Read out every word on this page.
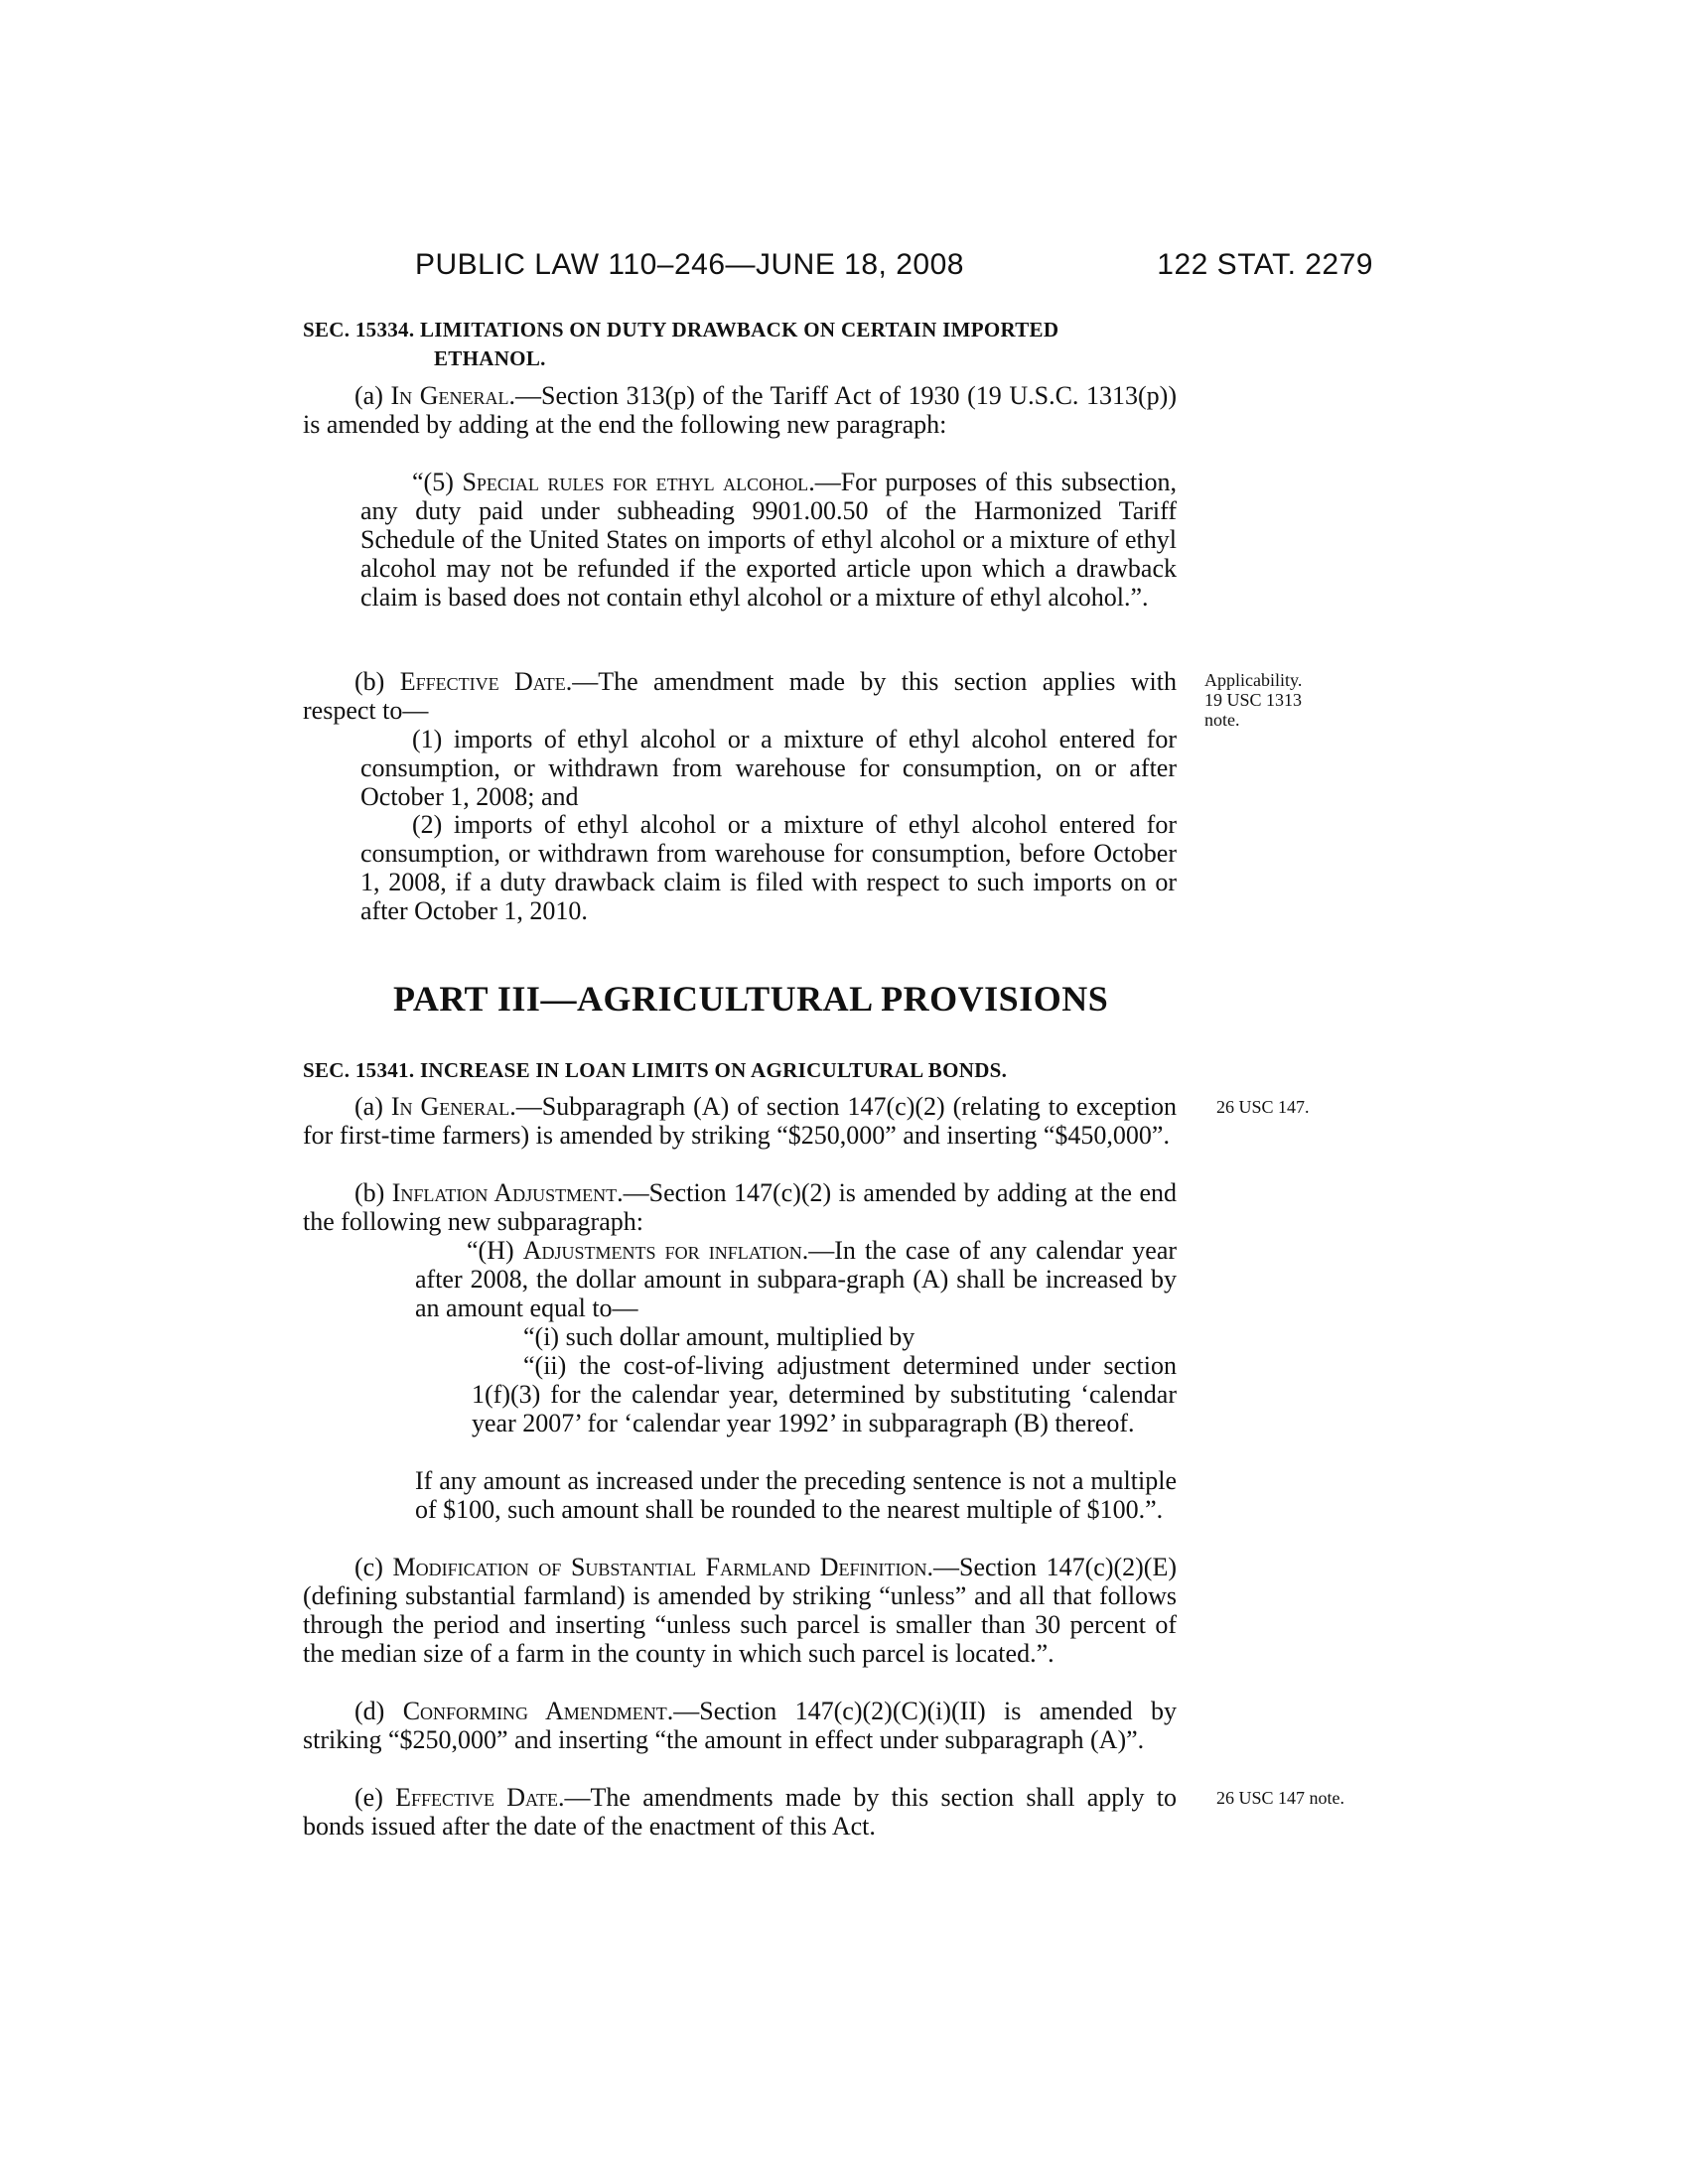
PUBLIC LAW 110–246—JUNE 18, 2008	122 STAT. 2279
SEC. 15334. LIMITATIONS ON DUTY DRAWBACK ON CERTAIN IMPORTED
ETHANOL.

(a) In General.—Section 313(p) of the Tariff Act of 1930 (19 U.S.C. 1313(p)) is amended by adding at the end the following new paragraph:

“(5) Special rules for ethyl alcohol.—For purposes of this subsection, any duty paid under subheading 9901.00.50 of the Harmonized Tariff Schedule of the United States on imports of ethyl alcohol or a mixture of ethyl alcohol may not be refunded if the exported article upon which a drawback claim is based does not contain ethyl alcohol or a mixture of ethyl alcohol.”.

(b) Effective Date.—The amendment made by this section applies with respect to—

(1) imports of ethyl alcohol or a mixture of ethyl alcohol entered for consumption, or withdrawn from warehouse for consumption, on or after October 1, 2008; and

(2) imports of ethyl alcohol or a mixture of ethyl alcohol entered for consumption, or withdrawn from warehouse for consumption, before October 1, 2008, if a duty drawback claim is filed with respect to such imports on or after October 1, 2010.

Applicability.
19 USC 1313
note.
PART III—AGRICULTURAL PROVISIONS
SEC. 15341. INCREASE IN LOAN LIMITS ON AGRICULTURAL BONDS.

(a) In General.—Subparagraph (A) of section 147(c)(2) (relating to exception for first-time farmers) is amended by striking “$250,000” and inserting “$450,000”.

26 USC 147.

(b) Inflation Adjustment.—Section 147(c)(2) is amended by adding at the end the following new subparagraph:

“(H) Adjustments for inflation.—In the case of any calendar year after 2008, the dollar amount in subpara-graph (A) shall be increased by an amount equal to—

“(i) such dollar amount, multiplied by

“(ii) the cost-of-living adjustment determined under section 1(f)(3) for the calendar year, determined by substituting ‘calendar year 2007’ for ‘calendar year 1992’ in subparagraph (B) thereof.

If any amount as increased under the preceding sentence is not a multiple of $100, such amount shall be rounded to the nearest multiple of $100.”.

(c) Modification of Substantial Farmland Definition.—Section 147(c)(2)(E) (defining substantial farmland) is amended by striking “unless” and all that follows through the period and inserting “unless such parcel is smaller than 30 percent of the median size of a farm in the county in which such parcel is located.”.

(d) Conforming Amendment.—Section 147(c)(2)(C)(i)(II) is amended by striking “$250,000” and inserting “the amount in effect under subparagraph (A)”.

(e) Effective Date.—The amendments made by this section shall apply to bonds issued after the date of the enactment of this Act.

26 USC 147 note.
